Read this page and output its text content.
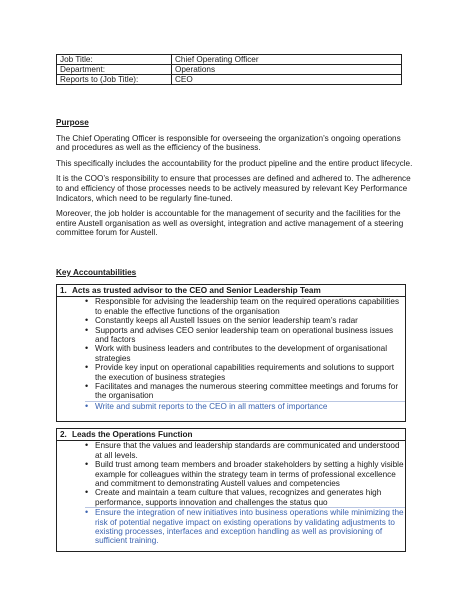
Job Title:	Chief Operating Officer
Department:	Operations
Reports to (Job Title):	CEO

Purpose

The Chief Operating Officer is responsible for overseeing the organization’s ongoing operations and procedures as well as the efficiency of the business.

This specifically includes the accountability for the product pipeline and the entire product lifecycle.

It is the COO’s responsibility to ensure that processes are defined and adhered to. The adherence to and efficiency of those processes needs to be actively measured by relevant Key Performance Indicators, which need to be regularly fine-tuned.

Moreover, the job holder is accountable for the management of security and the facilities for the entire Austell organisation as well as oversight, integration and active management of a steering committee forum for Austell.

Key Accountabilities

1. Acts as trusted advisor to the CEO and Senior Leadership Team
• Responsible for advising the leadership team on the required operations capabilities to enable the effective functions of the organisation
• Constantly keeps all Austell Issues on the senior leadership team’s radar
• Supports and advises CEO senior leadership team on operational business issues and factors
• Work with business leaders and contributes to the development of organisational strategies
• Provide key input on operational capabilities requirements and solutions to support the execution of business strategies
• Facilitates and manages the numerous steering committee meetings and forums for the organisation
• Write and submit reports to the CEO in all matters of importance
2. Leads the Operations Function
• Ensure that the values and leadership standards are communicated and understood at all levels.
• Build trust among team members and broader stakeholders by setting a highly visible example for colleagues within the strategy team in terms of professional excellence and commitment to demonstrating Austell values and competencies
• Create and maintain a team culture that values, recognizes and generates high performance, supports innovation and challenges the status quo
• Ensure the integration of new initiatives into business operations while minimizing the risk of potential negative impact on existing operations by validating adjustments to existing processes, interfaces and exception handling as well as provisioning of sufficient training.
